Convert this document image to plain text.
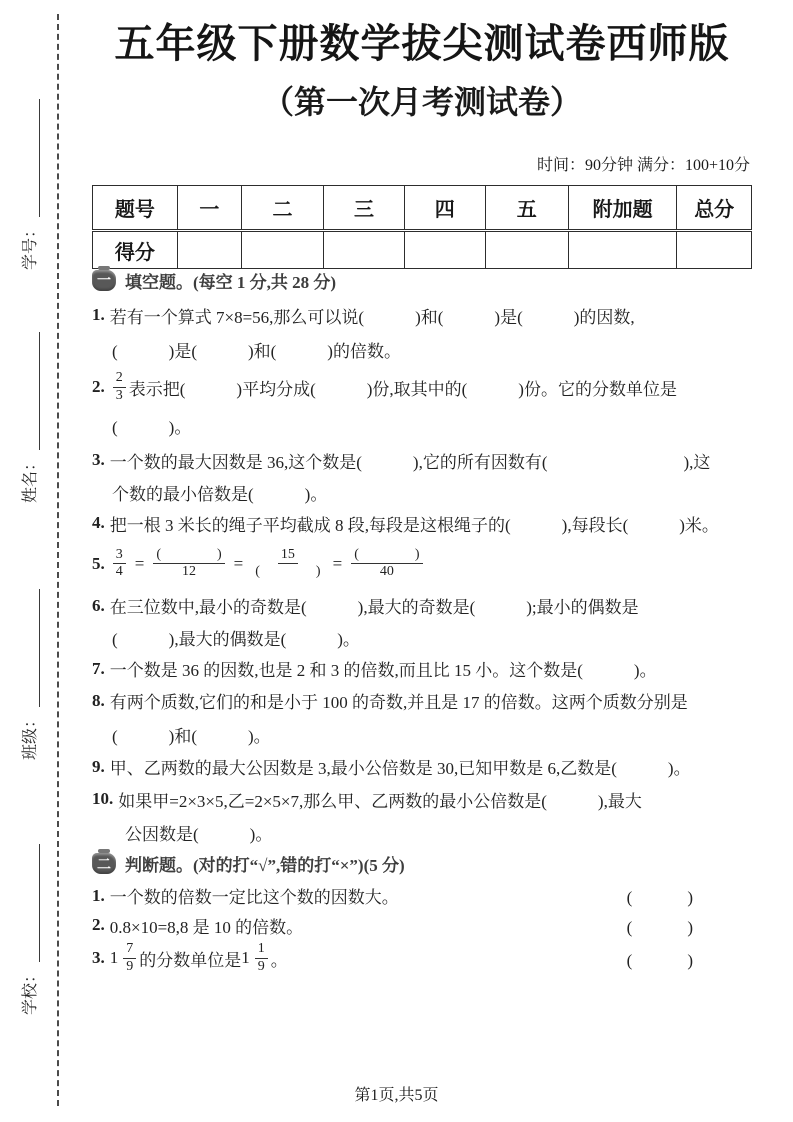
学号：
姓名：
班级：
学校：
五年级下册数学拔尖测试卷西师版
（第一次月考测试卷）
时间：90分钟 满分：100+10分
题号	一	二	三	四	五	附加题	总分
得分							
一 填空题。(每空 1 分,共 28 分)
1. 若有一个算式 7×8=56,那么可以说(　　　)和(　　　)是(　　　)的因数,
(　　　)是(　　　)和(　　　)的倍数。
2. $\frac{2}{3}$ 表示把(　　　)平均分成(　　　)份,取其中的(　　　)份。它的分数单位是
(　　　)。
3. 一个数的最大因数是 36,这个数是(　　　),它的所有因数有(　　　　　　　　),这
个数的最小倍数是(　　　)。
4. 把一根 3 米长的绳子平均截成 8 段,每段是这根绳子的(　　　),每段长(　　　)米。
5. $\frac{3}{4} = \frac{( )}{12} = \frac{15}{( )} = \frac{( )}{40}$
6. 在三位数中,最小的奇数是(　　　),最大的奇数是(　　　);最小的偶数是
(　　　),最大的偶数是(　　　)。
7. 一个数是 36 的因数,也是 2 和 3 的倍数,而且比 15 小。这个数是(　　　)。
8. 有两个质数,它们的和是小于 100 的奇数,并且是 17 的倍数。这两个质数分别是
(　　　)和(　　　)。
9. 甲、乙两数的最大公因数是 3,最小公倍数是 30,已知甲数是 6,乙数是(　　　)。
10. 如果甲=2×3×5,乙=2×5×7,那么甲、乙两数的最小公倍数是(　　　),最大
公因数是(　　　)。
二 判断题。(对的打“√”,错的打“×”)(5 分)
1. 一个数的倍数一定比这个数的因数大。	(　　　)
2. 0.8×10=8,8 是 10 的倍数。	(　　　)
3. $1 \frac{7}{9}$ 的分数单位是 $1 \frac{1}{9}$ 。	(　　　)
第1页,共5页
